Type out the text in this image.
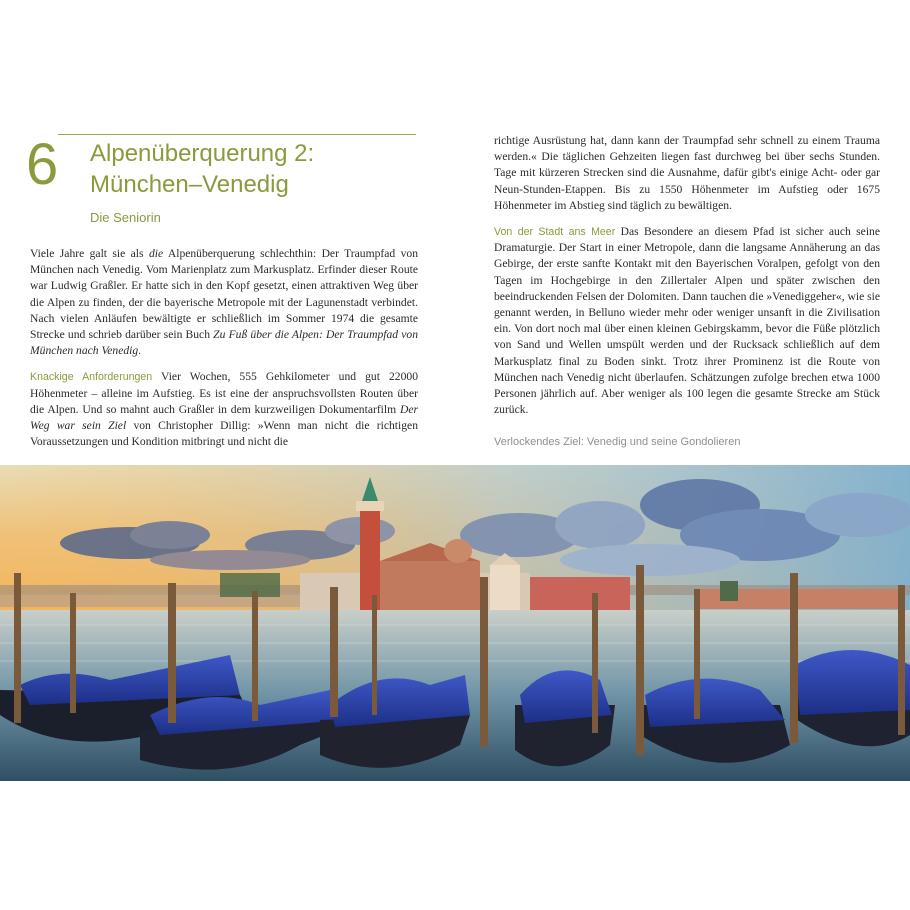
6 Alpenüberquerung 2:
München–Venedig
Die Seniorin

Viele Jahre galt sie als die Alpenüberquerung schlechthin: Der Traumpfad von München nach Venedig. Vom Marienplatz zum Markusplatz. Erfinder dieser Route war Ludwig Graßler. Er hatte sich in den Kopf gesetzt, einen attraktiven Weg über die Alpen zu finden, der die bayerische Metropole mit der Lagunenstadt verbindet. Nach vielen Anläufen bewältigte er schließlich im Sommer 1974 die gesamte Strecke und schrieb darüber sein Buch Zu Fuß über die Alpen: Der Traumpfad von München nach Venedig.

Knackige Anforderungen Vier Wochen, 555 Gehkilometer und gut 22000 Höhenmeter – alleine im Aufstieg. Es ist eine der anspruchsvollsten Routen über die Alpen. Und so mahnt auch Graßler in dem kurzweiligen Dokumentarfilm Der Weg war sein Ziel von Christopher Dillig: »Wenn man nicht die richtigen Voraussetzungen und Kondition mitbringt und nicht die

richtige Ausrüstung hat, dann kann der Traumpfad sehr schnell zu einem Trauma werden.« Die täglichen Gehzeiten liegen fast durchweg bei über sechs Stunden. Tage mit kürzeren Strecken sind die Ausnahme, dafür gibt's einige Acht- oder gar Neun-Stunden-Etappen. Bis zu 1550 Höhenmeter im Aufstieg oder 1675 Höhenmeter im Abstieg sind täglich zu bewältigen.

Von der Stadt ans Meer Das Besondere an diesem Pfad ist sicher auch seine Dramaturgie. Der Start in einer Metropole, dann die langsame Annäherung an das Gebirge, der erste sanfte Kontakt mit den Bayerischen Voralpen, gefolgt von den Tagen im Hochgebirge in den Zillertaler Alpen und später zwischen den beeindruckenden Felsen der Dolomiten. Dann tauchen die »Venediggeher«, wie sie genannt werden, in Belluno wieder mehr oder weniger unsanft in die Zivilisation ein. Von dort noch mal über einen kleinen Gebirgskamm, bevor die Füße plötzlich von Sand und Wellen umspült werden und der Rucksack schließlich auf dem Markusplatz final zu Boden sinkt. Trotz ihrer Prominenz ist die Route von München nach Venedig nicht überlaufen. Schätzungen zufolge brechen etwa 1000 Personen jährlich auf. Aber weniger als 100 legen die gesamte Strecke am Stück zurück.

Verlockendes Ziel: Venedig und seine Gondolieren
